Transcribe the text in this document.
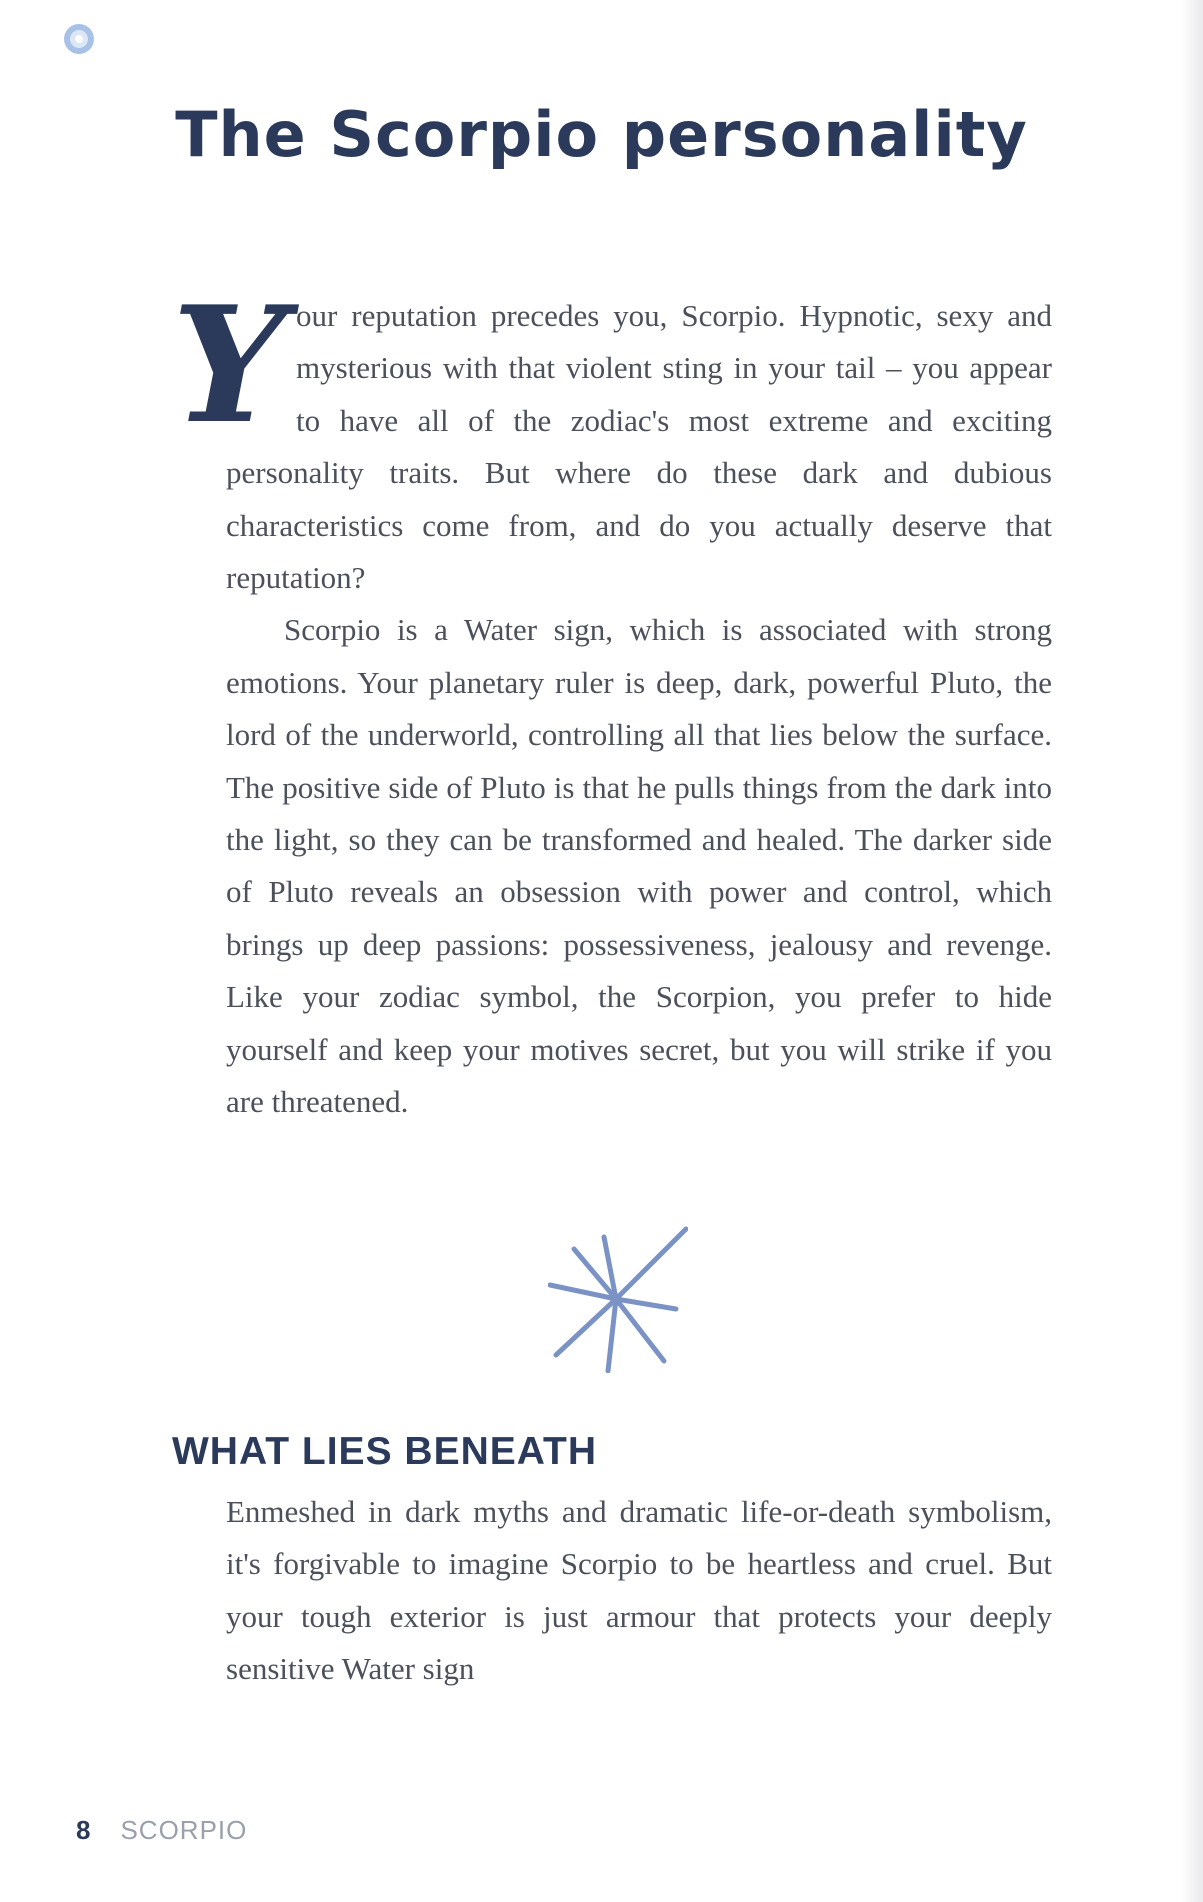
The Scorpio personality
Y our reputation precedes you, Scorpio. Hypnotic, sexy and mysterious with that violent sting in your tail – you appear to have all of the zodiac's most extreme and exciting personality traits. But where do these dark and dubious characteristics come from, and do you actually deserve that reputation?

Scorpio is a Water sign, which is associated with strong emotions. Your planetary ruler is deep, dark, powerful Pluto, the lord of the underworld, controlling all that lies below the surface. The positive side of Pluto is that he pulls things from the dark into the light, so they can be transformed and healed. The darker side of Pluto reveals an obsession with power and control, which brings up deep passions: possessiveness, jealousy and revenge. Like your zodiac symbol, the Scorpion, you prefer to hide yourself and keep your motives secret, but you will strike if you are threatened.

WHAT LIES BENEATH

Enmeshed in dark myths and dramatic life-or-death symbolism, it's forgivable to imagine Scorpio to be heartless and cruel. But your tough exterior is just armour that protects your deeply sensitive Water sign

8 SCORPIO
